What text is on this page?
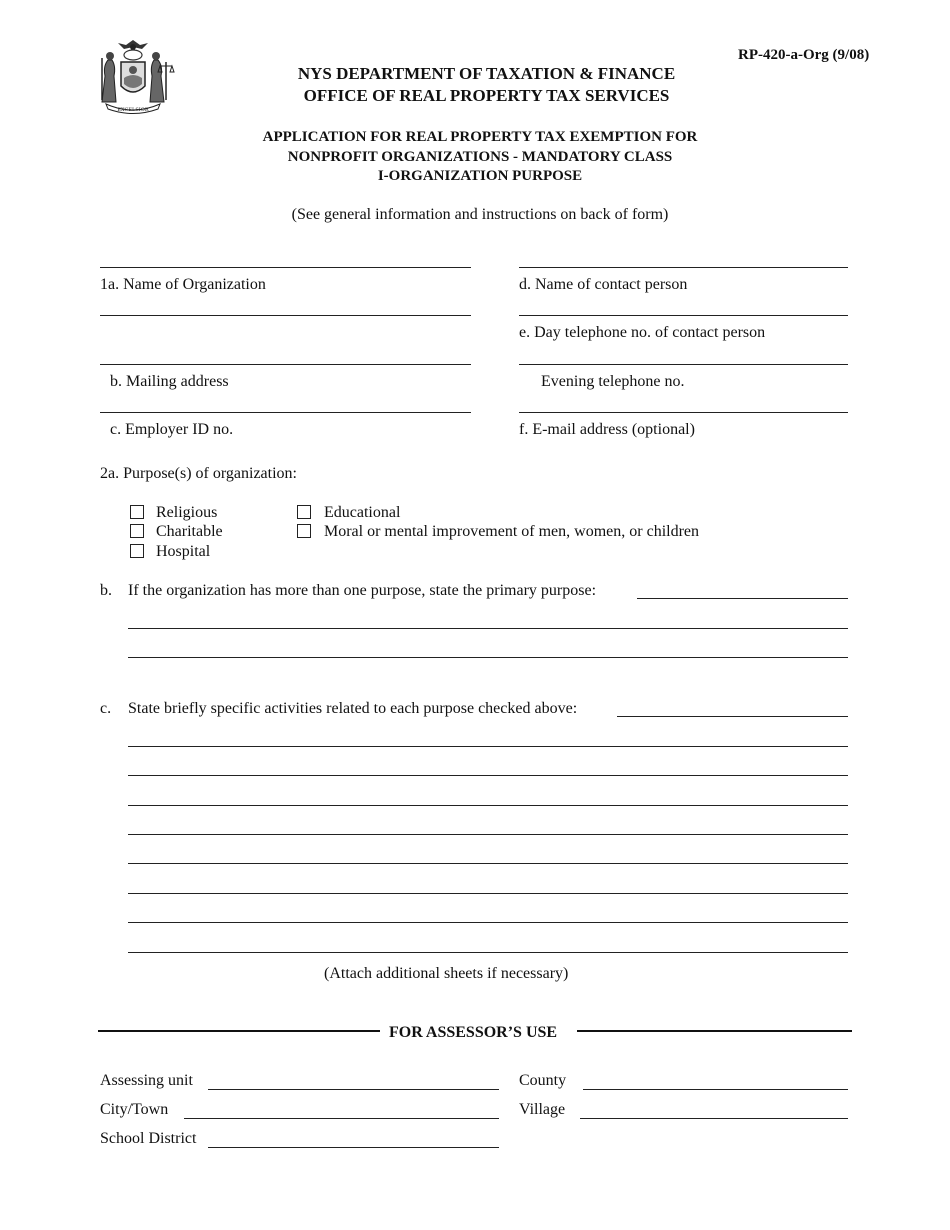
EXCELSIOR
RP-420-a-Org (9/08)
NYS DEPARTMENT OF TAXATION & FINANCE
OFFICE OF REAL PROPERTY TAX SERVICES
APPLICATION FOR REAL PROPERTY TAX EXEMPTION FOR
NONPROFIT ORGANIZATIONS - MANDATORY CLASS
I-ORGANIZATION PURPOSE
(See general information and instructions on back of form)
1a. Name of Organization
b. Mailing address
c. Employer ID no.
d. Name of contact person
e. Day telephone no. of contact person
Evening telephone no.
f. E-mail address (optional)
2a. Purpose(s) of organization:
Religious
Charitable
Hospital
Educational
Moral or mental improvement of men, women, or children
b. If the organization has more than one purpose, state the primary purpose:
c. State briefly specific activities related to each purpose checked above:
(Attach additional sheets if necessary)
FOR ASSESSOR’S USE
Assessing unit
City/Town
School District
County
Village
